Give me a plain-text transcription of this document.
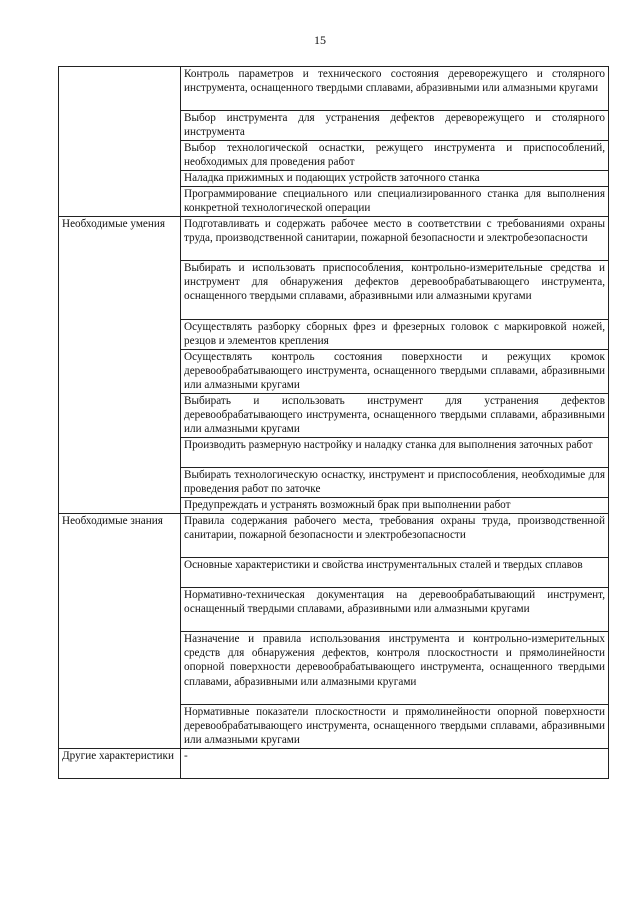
15
	Контроль параметров и технического состояния дереворежущего и столярного инструмента, оснащенного твердыми сплавами, абразивными или алмазными кругами
	Выбор инструмента для устранения дефектов дереворежущего и столярного инструмента
	Выбор технологической оснастки, режущего инструмента и приспособлений, необходимых для проведения работ
	Наладка прижимных и подающих устройств заточного станка
	Программирование специального или специализированного станка для выполнения конкретной технологической операции
Необходимые умения	Подготавливать и содержать рабочее место в соответствии с требованиями охраны труда, производственной санитарии, пожарной безопасности и электробезопасности
	Выбирать и использовать приспособления, контрольно-измерительные средства и инструмент для обнаружения дефектов деревообрабатывающего инструмента, оснащенного твердыми сплавами, абразивными или алмазными кругами
	Осуществлять разборку сборных фрез и фрезерных головок с маркировкой ножей, резцов и элементов крепления
	Осуществлять контроль состояния поверхности и режущих кромок деревообрабатывающего инструмента, оснащенного твердыми сплавами, абразивными или алмазными кругами
	Выбирать и использовать инструмент для устранения дефектов деревообрабатывающего инструмента, оснащенного твердыми сплавами, абразивными или алмазными кругами
	Производить размерную настройку и наладку станка для выполнения заточных работ
	Выбирать технологическую оснастку, инструмент и приспособления, необходимые для проведения работ по заточке
	Предупреждать и устранять возможный брак при выполнении работ
Необходимые знания	Правила содержания рабочего места, требования охраны труда, производственной санитарии, пожарной безопасности и электробезопасности
	Основные характеристики и свойства инструментальных сталей и твердых сплавов
	Нормативно-техническая документация на деревообрабатывающий инструмент, оснащенный твердыми сплавами, абразивными или алмазными кругами
	Назначение и правила использования инструмента и контрольно-измерительных средств для обнаружения дефектов, контроля плоскостности и прямолинейности опорной поверхности деревообрабатывающего инструмента, оснащенного твердыми сплавами, абразивными или алмазными кругами
	Нормативные показатели плоскостности и прямолинейности опорной поверхности деревообрабатывающего инструмента, оснащенного твердыми сплавами, абразивными или алмазными кругами
Другие характеристики	-
